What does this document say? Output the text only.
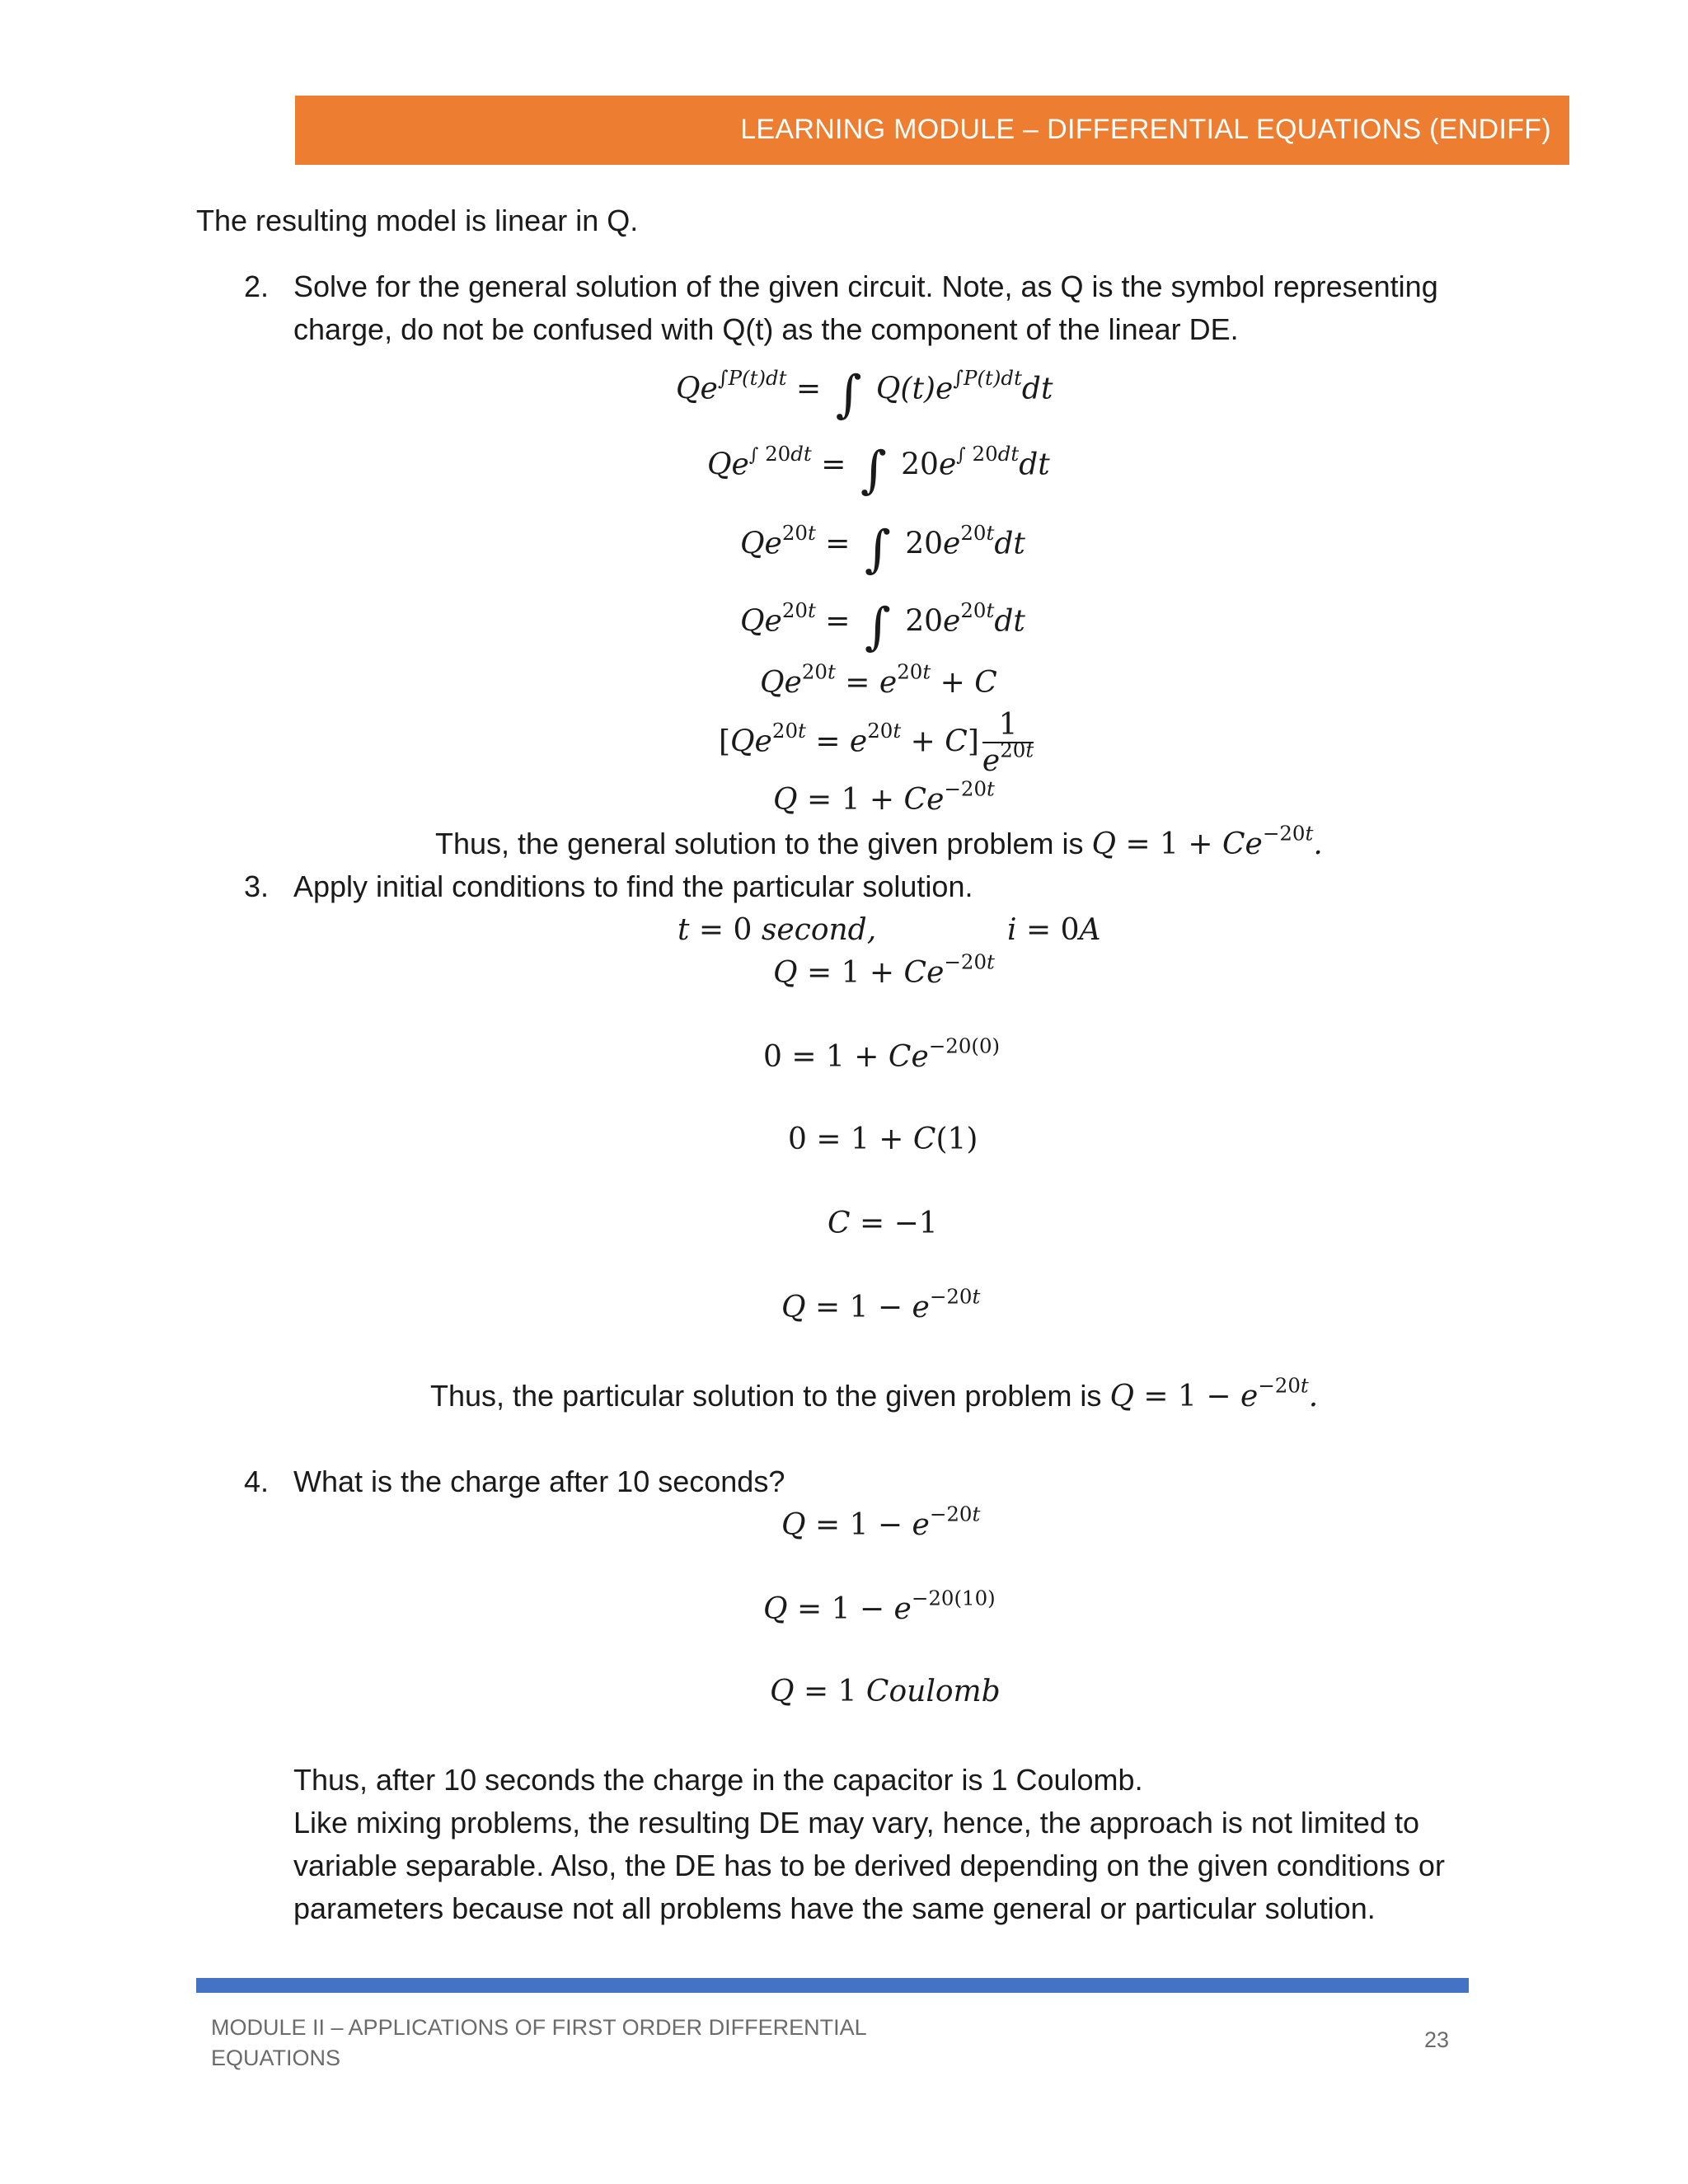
LEARNING MODULE – DIFFERENTIAL EQUATIONS (ENDIFF)
The resulting model is linear in Q.
2. Solve for the general solution of the given circuit. Note, as Q is the symbol representing
charge, do not be confused with Q(t) as the component of the linear DE.
$Qe^{\int P(t)dt}$ = ∫ $Q(t)e^{\int P(t)dt}dt$
$Qe^{\int 20dt}$ = ∫ $20e^{\int 20dt}dt$
$Qe^{20t}$ = ∫ $20e^{20t}dt$
$Qe^{20t}$ = ∫ $20e^{20t}dt$
$Qe^{20t} = e^{20t} + C$
$[Qe^{20t} = e^{20t} + C] \frac{1}{e^{20t}}$
$Q = 1 + Ce^{-20t}$
Thus, the general solution to the given problem is $Q = 1 + Ce^{-20t}$.
3. Apply initial conditions to find the particular solution.
t = 0 second,	i = 0A
$Q = 1 + Ce^{-20t}$
$0 = 1 + Ce^{-20(0)}$
0 = 1 + C(1)
C = −1
$Q = 1 - e^{-20t}$
Thus, the particular solution to the given problem is $Q = 1 - e^{-20t}$.
4. What is the charge after 10 seconds?
$Q = 1 - e^{-20t}$
$Q = 1 - e^{-20(10)}$
Q = 1 Coulomb
Thus, after 10 seconds the charge in the capacitor is 1 Coulomb.
Like mixing problems, the resulting DE may vary, hence, the approach is not limited to
variable separable. Also, the DE has to be derived depending on the given conditions or
parameters because not all problems have the same general or particular solution.
MODULE II – APPLICATIONS OF FIRST ORDER DIFFERENTIAL EQUATIONS
23
